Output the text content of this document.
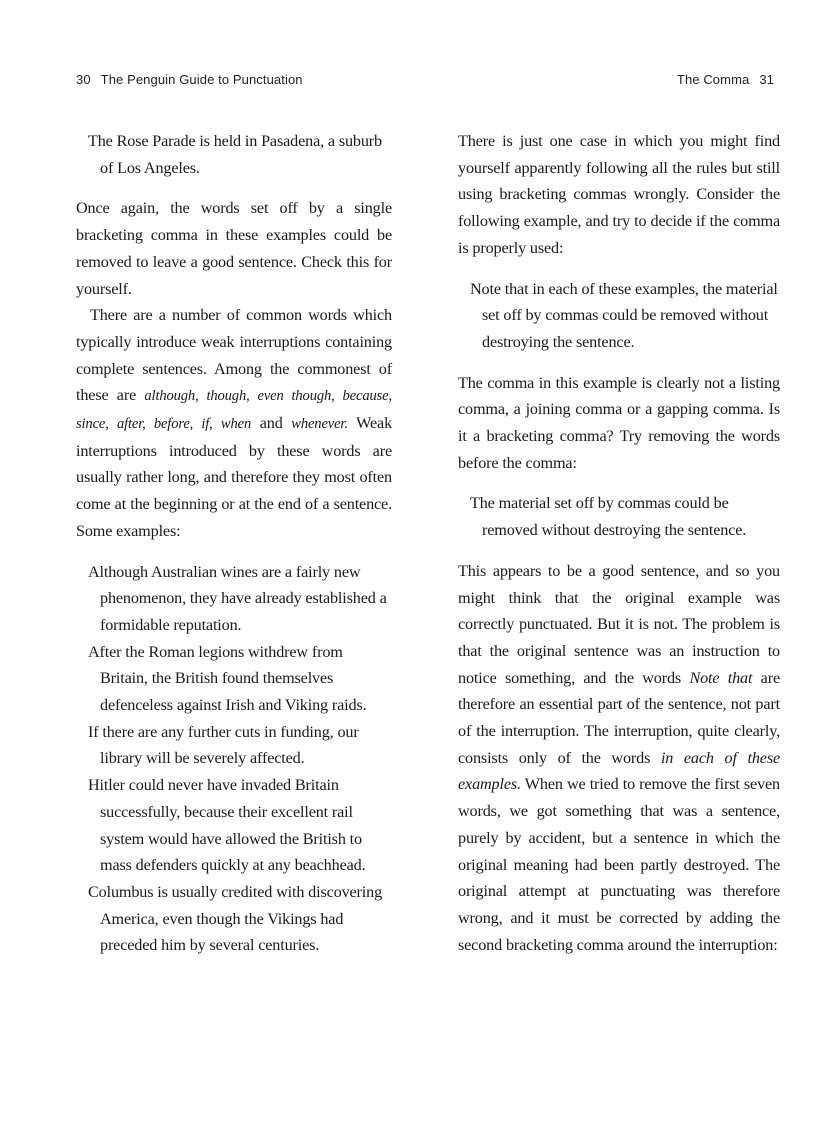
30 The Penguin Guide to Punctuation	The Comma 31

The Rose Parade is held in Pasadena, a suburb of Los Angeles.

Once again, the words set off by a single bracketing comma in these examples could be removed to leave a good sentence. Check this for yourself.

There are a number of common words which typically introduce weak interruptions containing complete sentences. Among the commonest of these are although, though, even though, because, since, after, before, if, when and whenever. Weak interruptions introduced by these words are usually rather long, and therefore they most often come at the beginning or at the end of a sentence. Some examples:

Although Australian wines are a fairly new phenomenon, they have already established a formidable reputation.

After the Roman legions withdrew from Britain, the British found themselves defenceless against Irish and Viking raids.

If there are any further cuts in funding, our library will be severely affected.

Hitler could never have invaded Britain successfully, because their excellent rail system would have allowed the British to mass defenders quickly at any beachhead.

Columbus is usually credited with discovering America, even though the Vikings had preceded him by several centuries.

There is just one case in which you might find yourself apparently following all the rules but still using bracketing commas wrongly. Consider the following example, and try to decide if the comma is properly used:

Note that in each of these examples, the material set off by commas could be removed without destroying the sentence.

The comma in this example is clearly not a listing comma, a joining comma or a gapping comma. Is it a bracketing comma? Try removing the words before the comma:

The material set off by commas could be removed without destroying the sentence.

This appears to be a good sentence, and so you might think that the original example was correctly punctuated. But it is not. The problem is that the original sentence was an instruction to notice something, and the words Note that are therefore an essential part of the sentence, not part of the interruption. The interruption, quite clearly, consists only of the words in each of these examples. When we tried to remove the first seven words, we got something that was a sentence, purely by accident, but a sentence in which the original meaning had been partly destroyed. The original attempt at punctuating was therefore wrong, and it must be corrected by adding the second bracketing comma around the interruption:
